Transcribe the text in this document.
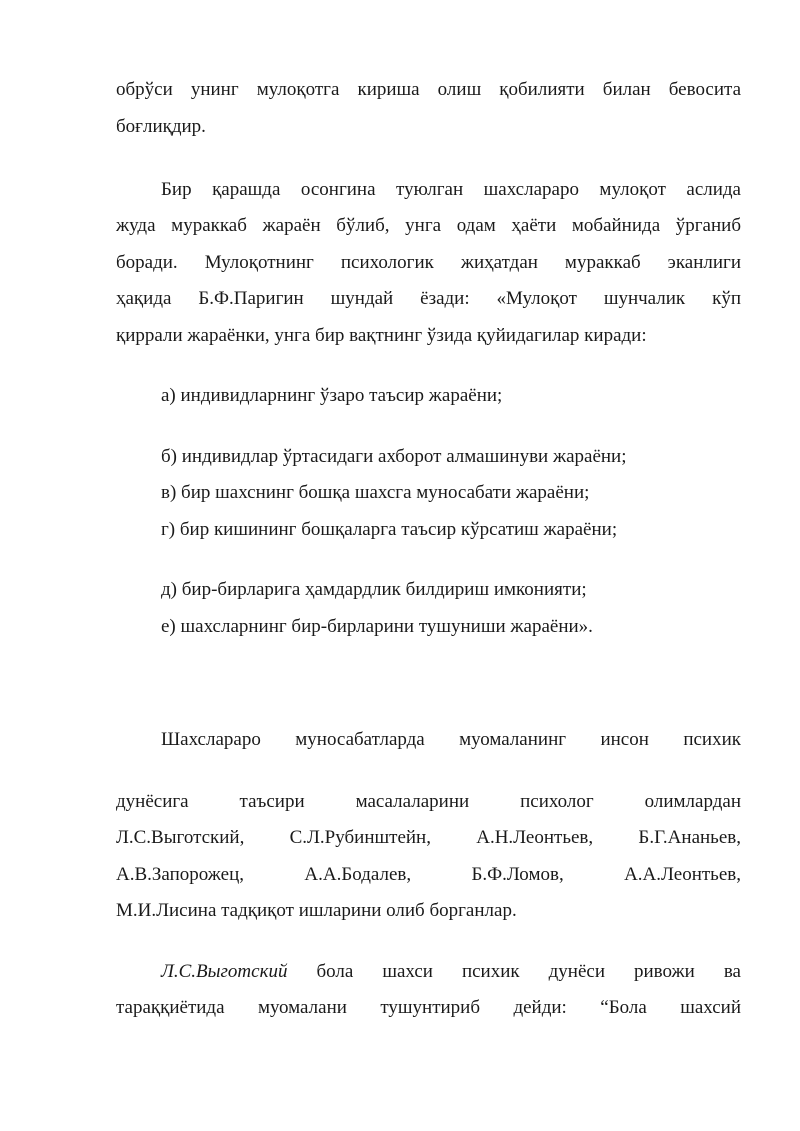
обрўси унинг мулоқотга кириша олиш қобилияти билан бевосита
боғлиқдир.
Бир қарашда осонгина туюлган шахслараро мулоқот аслида
жуда мураккаб жараён бўлиб, унга одам ҳаёти мобайнида ўрганиб
боради. Мулоқотнинг психологик жиҳатдан мураккаб эканлиги
ҳақида Б.Ф.Паригин шундай ёзади: «Мулоқот шунчалик кўп
қиррали жараёнки, унга бир вақтнинг ўзида қуйидагилар киради:
а) индивидларнинг ўзаро таъсир жараёни;
б) индивидлар ўртасидаги ахборот алмашинуви жараёни;
в) бир шахснинг бошқа шахсга муносабати жараёни;
г) бир кишининг бошқаларга таъсир кўрсатиш жараёни;
д) бир-бирларига ҳамдардлик билдириш имконияти;
е) шахсларнинг бир-бирларини тушуниши жараёни».
Шахслараро муносабатларда муомаланинг инсон психик
дунёсига таъсири масалаларини психолог олимлардан
Л.С.Выготский, С.Л.Рубинштейн, А.Н.Леонтьев, Б.Г.Ананьев,
А.В.Запорожец, А.А.Бодалев, Б.Ф.Ломов, А.А.Леонтьев,
М.И.Лисина тадқиқот ишларини олиб борганлар.
Л.С.Выготский бола шахси психик дунёси ривожи ва
тараққиётида муомалани тушунтириб дейди: “Бола шахсий
